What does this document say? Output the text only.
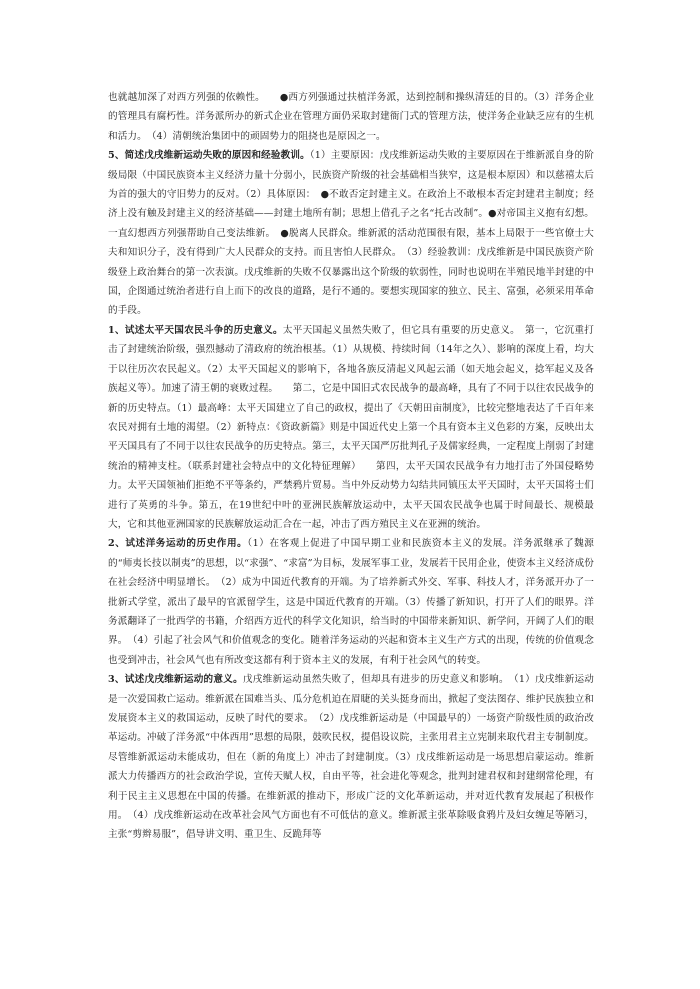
也就越加深了对西方列强的依赖性。　　●西方列强通过扶植洋务派，达到控制和操纵清廷的目的。（3）洋务企业的管理具有腐朽性。洋务派所办的新式企业在管理方面仍采取封建衙门式的管理方法，使洋务企业缺乏应有的生机和活力。　（4）清朝统治集团中的顽固势力的阻挠也是原因之一。

5、简述戊戌维新运动失败的原因和经验教训。（1）主要原因：戊戌维新运动失败的主要原因在于维新派自身的阶级局限（中国民族资本主义经济力量十分弱小，民族资产阶级的社会基础相当狭窄，这是根本原因）和以慈禧太后为首的强大的守旧势力的反对。（2）具体原因：　●不敢否定封建主义。在政治上不敢根本否定封建君主制度；经济上没有触及封建主义的经济基础——封建土地所有制；思想上借孔子之名“托古改制”。●对帝国主义抱有幻想。一直幻想西方列强帮助自己变法维新。　●脱离人民群众。维新派的活动范围很有限，基本上局限于一些官僚士大夫和知识分子，没有得到广大人民群众的支持。而且害怕人民群众。　（3）经验教训：戊戌维新是中国民族资产阶级登上政治舞台的第一次表演。戊戌维新的失败不仅暴露出这个阶级的软弱性，同时也说明在半殖民地半封建的中国，企图通过统治者进行自上而下的改良的道路，是行不通的。要想实现国家的独立、民主、富强，必须采用革命的手段。

1、试述太平天国农民斗争的历史意义。太平天国起义虽然失败了，但它具有重要的历史意义。　第一，它沉重打击了封建统治阶级，强烈撼动了清政府的统治根基。（1）从规模、持续时间（14年之久）、影响的深度上看，均大于以往历次农民起义。（2）太平天国起义的影响下，各地各族反清起义风起云涌（如天地会起义，捻军起义及各族起义等）。加速了清王朝的衰败过程。　　第二，它是中国旧式农民战争的最高峰，具有了不同于以往农民战争的新的历史特点。（1）最高峰：太平天国建立了自己的政权，提出了《天朝田亩制度》，比较完整地表达了千百年来农民对拥有土地的渴望。（2）新特点：《资政新篇》则是中国近代史上第一个具有资本主义色彩的方案，反映出太平天国具有了不同于以往农民战争的历史特点。第三，太平天国严厉批判孔子及儒家经典，一定程度上削弱了封建统治的精神支柱。（联系封建社会特点中的文化特征理解）　　第四，太平天国农民战争有力地打击了外国侵略势力。太平天国领袖们拒绝不平等条约，严禁鸦片贸易。当中外反动势力勾结共同镇压太平天国时，太平天国将士们进行了英勇的斗争。第五，在19世纪中叶的亚洲民族解放运动中，太平天国农民战争也属于时间最长、规模最大，它和其他亚洲国家的民族解放运动汇合在一起，冲击了西方殖民主义在亚洲的统治。

2、试述洋务运动的历史作用。（1）在客观上促进了中国早期工业和民族资本主义的发展。洋务派继承了魏源的“师夷长技以制夷”的思想，以“求强”、“求富”为目标，发展军事工业，发展若干民用企业，使资本主义经济成份在社会经济中明显增长。　（2）成为中国近代教育的开端。为了培养新式外交、军事、科技人才，洋务派开办了一批新式学堂，派出了最早的官派留学生，这是中国近代教育的开端。（3）传播了新知识，打开了人们的眼界。洋务派翻译了一批西学的书籍，介绍西方近代的科学文化知识，给当时的中国带来新知识、新学问，开阔了人们的眼界。　（4）引起了社会风气和价值观念的变化。随着洋务运动的兴起和资本主义生产方式的出现，传统的价值观念也受到冲击，社会风气也有所改变这都有利于资本主义的发展，有利于社会风气的转变。

3、试述戊戌维新运动的意义。戊戌维新运动虽然失败了，但却具有进步的历史意义和影响。　（1）戊戌维新运动是一次爱国救亡运动。维新派在国难当头、瓜分危机迫在眉睫的关头挺身而出，掀起了变法图存、维护民族独立和发展资本主义的救国运动，反映了时代的要求。　（2）戊戌维新运动是（中国最早的）一场资产阶级性质的政治改革运动。冲破了洋务派“中体西用”思想的局限，鼓吹民权，提倡设议院，主张用君主立宪制来取代君主专制制度。尽管维新派运动未能成功，但在（新的角度上）冲击了封建制度。（3）戊戌维新运动是一场思想启蒙运动。维新派大力传播西方的社会政治学说，宣传天赋人权，自由平等，社会进化等观念，批判封建君权和封建纲常伦理，有利于民主主义思想在中国的传播。在维新派的推动下，形成广泛的文化革新运动，并对近代教育发展起了积极作用。　（4）戊戌维新运动在改革社会风气方面也有不可低估的意义。维新派主张革除吸食鸦片及妇女缠足等陋习，主张“剪辫易服”，倡导讲文明、重卫生、反跪拜等
